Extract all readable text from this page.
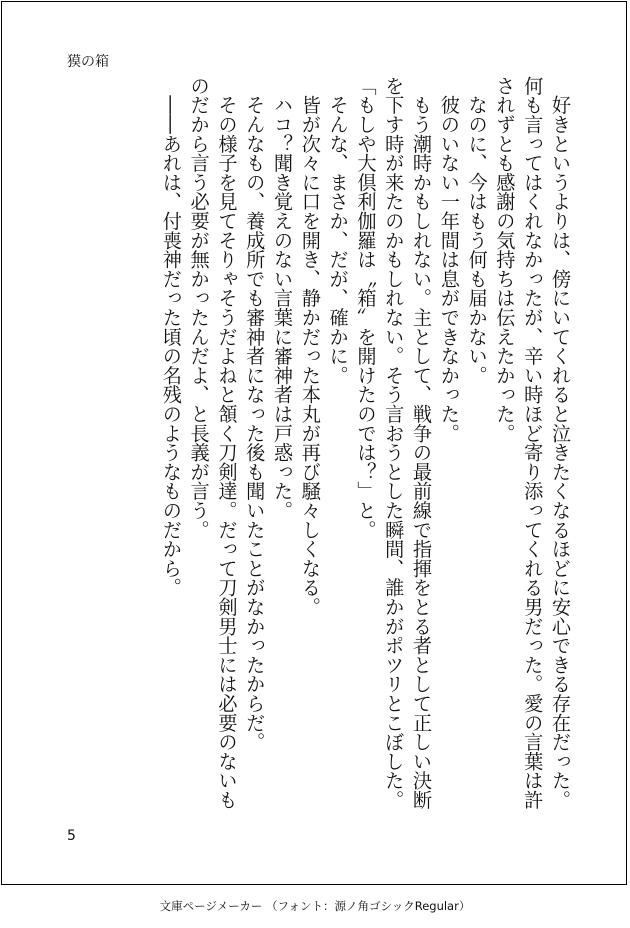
獏の箱

　好きというよりは、傍にいてくれると泣きたくなるほどに安心できる存在だった。何も言ってはくれなかったが、辛い時ほど寄り添ってくれる男だった。愛の言葉は許されずとも感謝の気持ちは伝えたかった。

　なのに、今はもう何も届かない。

　彼のいない一年間は息ができなかった。

　もう潮時かもしれない。主として、戦争の最前線で指揮をとる者として正しい決断を下す時が来たのかもしれない。そう言おうとした瞬間、誰かがポツリとこぼした。

「もしや大倶利伽羅は〝箱〟を開けたのでは？」と。

　そんな、まさか、だが、確かに。

　皆が次々に口を開き、静かだった本丸が再び騒々しくなる。

　ハコ？聞き覚えのない言葉に審神者は戸惑った。

　そんなもの、養成所でも審神者になった後も聞いたことがなかったからだ。

　その様子を見てそりゃそうだよねと頷く刀剣達。だって刀剣男士には必要のないものだから言う必要が無かったんだよ、と長義が言う。

　――あれは、付喪神だった頃の名残のようなものだから。

5
文庫ページメーカー （フォント：源ノ角ゴシックRegular）
